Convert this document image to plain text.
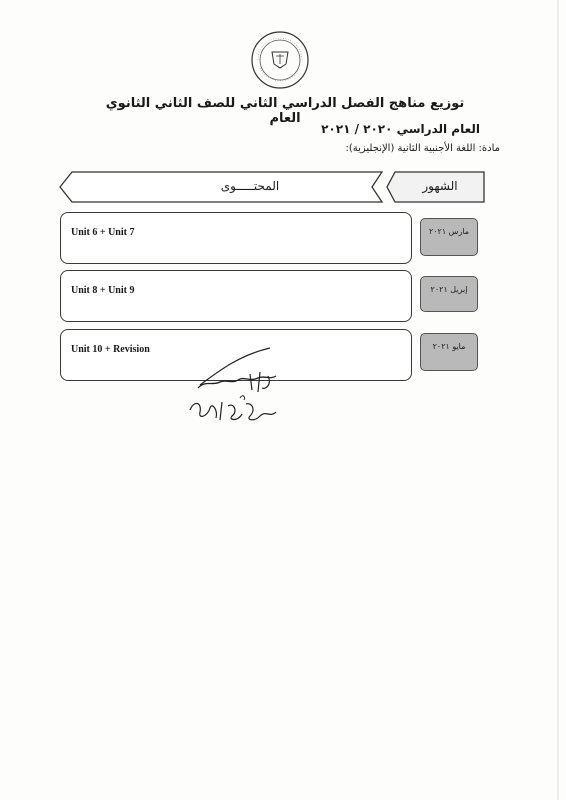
توزيع مناهج الفصل الدراسي الثاني للصف الثاني الثانوي العام
العام الدراسي ٢٠٢٠ / ٢٠٢١
مادة: اللغة الأجنبية الثانية (الإنجليزية):
المحتـــــوى	الشهور
Unit 6 + Unit 7	مارس ٢٠٢١
Unit 8 + Unit 9	إبريل ٢٠٢١
Unit 10 + Revision	مايو ٢٠٢١
